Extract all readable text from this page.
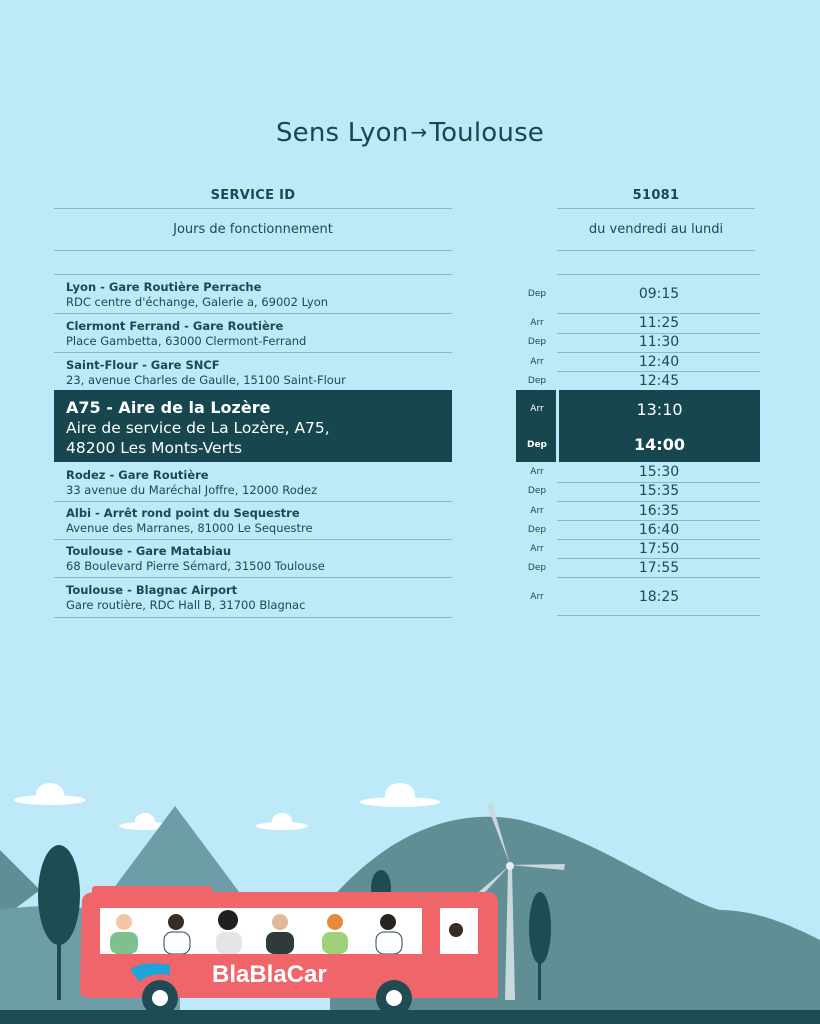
Sens Lyon →Toulouse
SERVICE ID	51081
Jours de fonctionnement	du vendredi au lundi
Lyon - Gare Routière Perrache
RDC centre d'échange, Galerie a, 69002 Lyon
Dep	09:15
Clermont Ferrand - Gare Routière
Place Gambetta, 63000 Clermont-Ferrand
Arr	11:25
Dep	11:30
Saint-Flour - Gare SNCF
23, avenue Charles de Gaulle, 15100 Saint-Flour
Arr	12:40
Dep	12:45
A75 - Aire de la Lozère
Aire de service de La Lozère, A75,
48200 Les Monts-Verts
Arr	13:10
Dep	14:00
Rodez - Gare Routière
33 avenue du Maréchal Joffre, 12000 Rodez
Arr	15:30
Dep	15:35
Albi - Arrêt rond point du Sequestre
Avenue des Marranes, 81000 Le Sequestre
Arr	16:35
Dep	16:40
Toulouse - Gare Matabiau
68 Boulevard Pierre Sémard, 31500 Toulouse
Arr	17:50
Dep	17:55
Toulouse - Blagnac Airport
Gare routière, RDC Hall B, 31700 Blagnac
Arr	18:25
BlaBlaCar
